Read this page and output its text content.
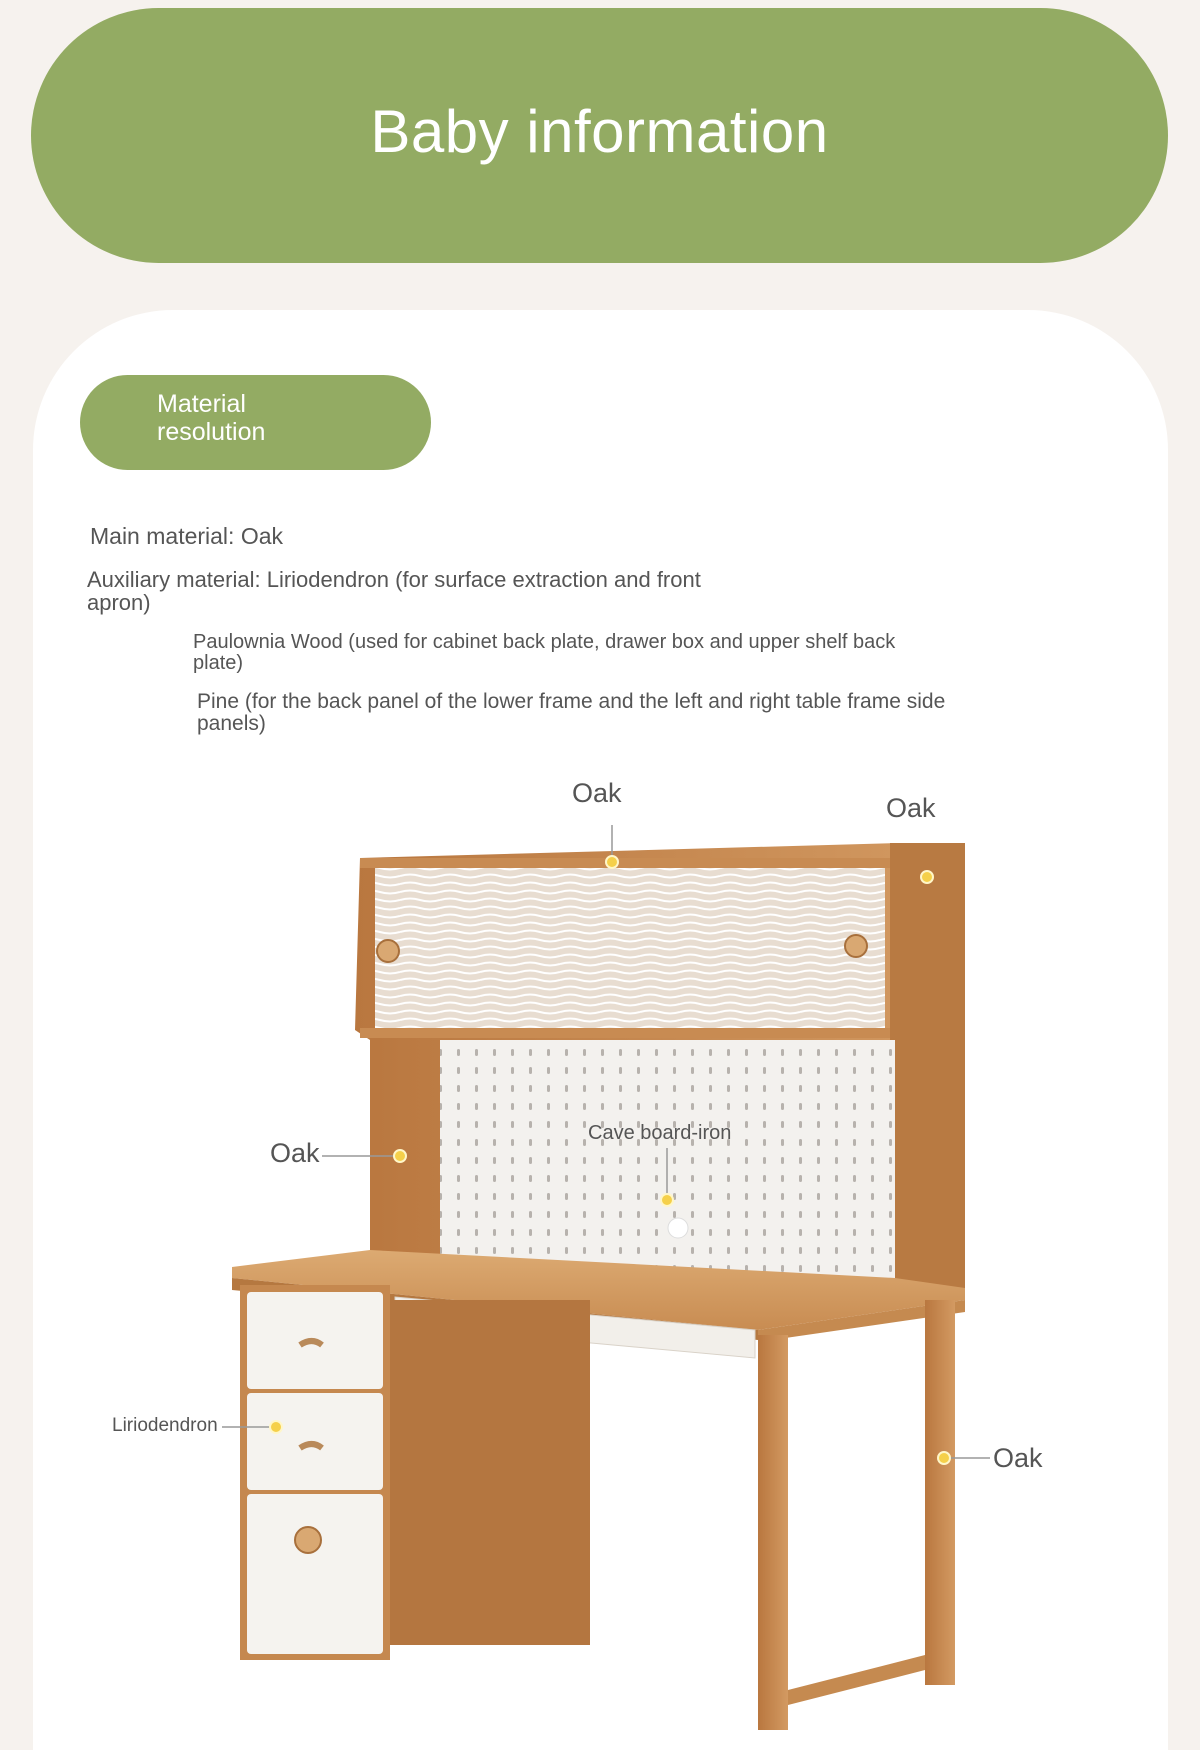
Baby information
Material resolution
Main material: Oak
Auxiliary material: Liriodendron (for surface extraction and front apron)
Paulownia Wood (used for cabinet back plate, drawer box and upper shelf back plate)
Pine (for the back panel of the lower frame and the left and right table frame side panels)
Oak	Oak
Oak
Cave board-iron
Liriodendron
Oak
